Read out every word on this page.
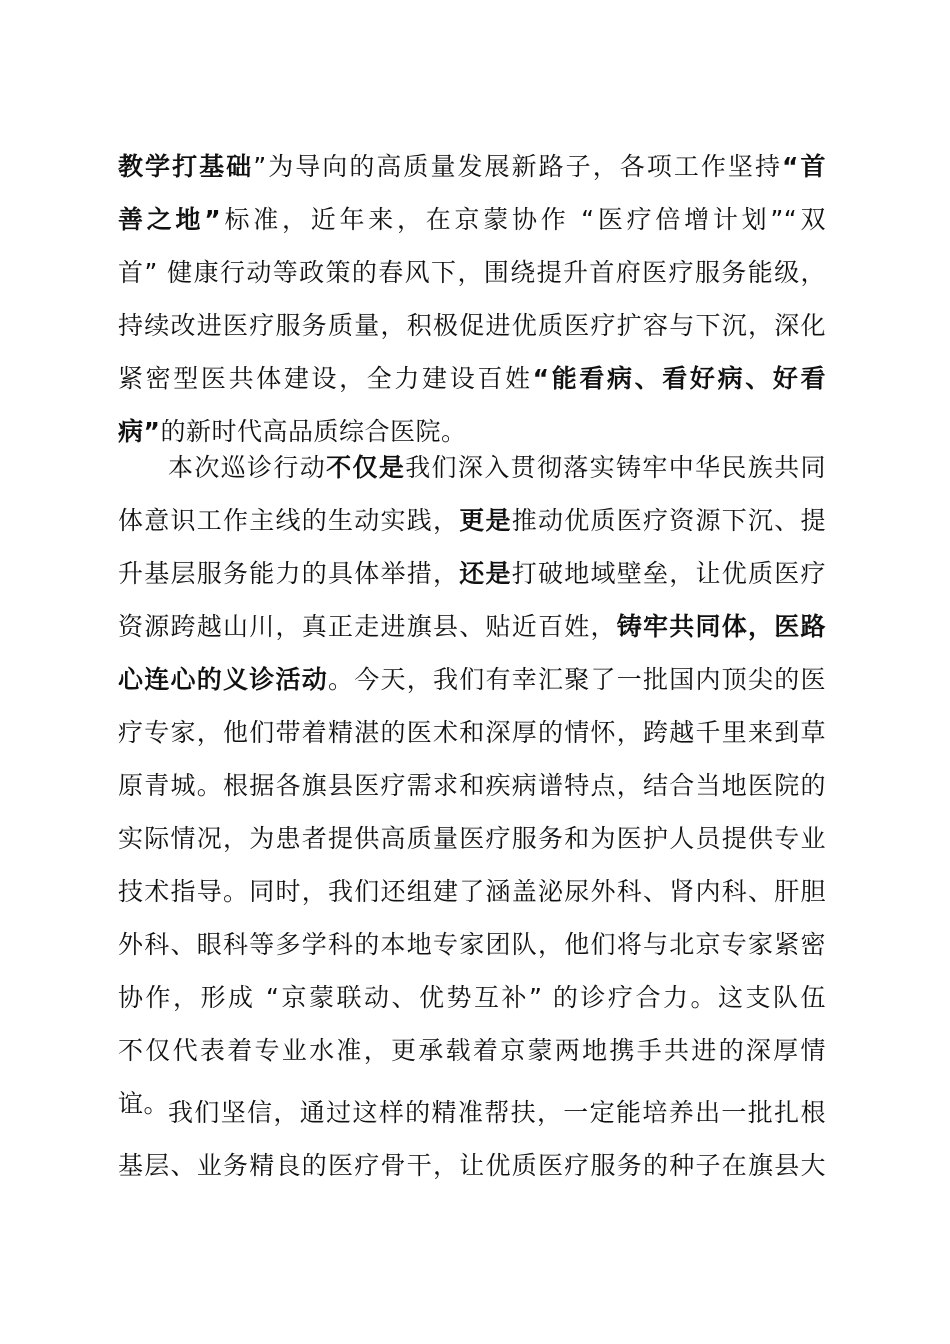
教学打基础”为导向的高质量发展新路子，各项工作坚持“首
善之地”标准，近年来，在京蒙协作 “医疗倍增计划”“双
首” 健康行动等政策的春风下，围绕提升首府医疗服务能级，
持续改进医疗服务质量，积极促进优质医疗扩容与下沉，深化
紧密型医共体建设，全力建设百姓“能看病、看好病、好看
病”的新时代高品质综合医院。
本次巡诊行动不仅是我们深入贯彻落实铸牢中华民族共同
体意识工作主线的生动实践，更是推动优质医疗资源下沉、提
升基层服务能力的具体举措，还是打破地域壁垒，让优质医疗
资源跨越山川，真正走进旗县、贴近百姓，铸牢共同体，医路
心连心的义诊活动。今天，我们有幸汇聚了一批国内顶尖的医
疗专家，他们带着精湛的医术和深厚的情怀，跨越千里来到草
原青城。根据各旗县医疗需求和疾病谱特点，结合当地医院的
实际情况，为患者提供高质量医疗服务和为医护人员提供专业
技术指导。同时，我们还组建了涵盖泌尿外科、肾内科、肝胆
外科、眼科等多学科的本地专家团队，他们将与北京专家紧密
协作，形成 “京蒙联动、优势互补” 的诊疗合力。这支队伍
不仅代表着专业水准，更承载着京蒙两地携手共进的深厚情
谊。
我们坚信，通过这样的精准帮扶，一定能培养出一批扎根
基层、业务精良的医疗骨干，让优质医疗服务的种子在旗县大
